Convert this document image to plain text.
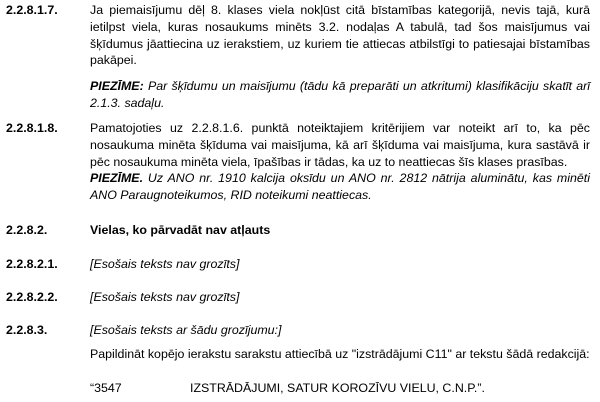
2.2.8.1.7.	Ja piemaisījumu dēļ 8. klases viela nokļūst citā bīstamības kategorijā, nevis tajā, kurā ietilpst viela, kuras nosaukums minēts 3.2. nodaļas A tabulā, tad šos maisījumus vai šķīdumus jāattiecina uz ierakstiem, uz kuriem tie attiecas atbilstīgi to patiesajai bīstamības pakāpei.

PIEZĪME: Par šķīdumu un maisījumu (tādu kā preparāti un atkritumi) klasifikāciju skatīt arī 2.1.3. sadaļu.

2.2.8.1.8.	Pamatojoties uz 2.2.8.1.6. punktā noteiktajiem kritērijiem var noteikt arī to, ka pēc nosaukuma minēta šķīduma vai maisījuma, kā arī šķīduma vai maisījuma, kura sastāvā ir pēc nosaukuma minēta viela, īpašības ir tādas, ka uz to neattiecas šīs klases prasības.

PIEZĪME. Uz ANO nr. 1910 kalcija oksīdu un ANO nr. 2812 nātrija aluminātu, kas minēti ANO Paraugnoteikumos, RID noteikumi neattiecas.

2.2.8.2.	Vielas, ko pārvadāt nav atļauts
2.2.8.2.1.	[Esošais teksts nav grozīts]
2.2.8.2.2.	[Esošais teksts nav grozīts]
2.2.8.3.	[Esošais teksts ar šādu grozījumu:]
Papildināt kopējo ierakstu sarakstu attiecībā uz "izstrādājumi C11" ar tekstu šādā redakcijā:
“3547	IZSTRĀDĀJUMI, SATUR KOROZĪVU VIELU, C.N.P.”.
